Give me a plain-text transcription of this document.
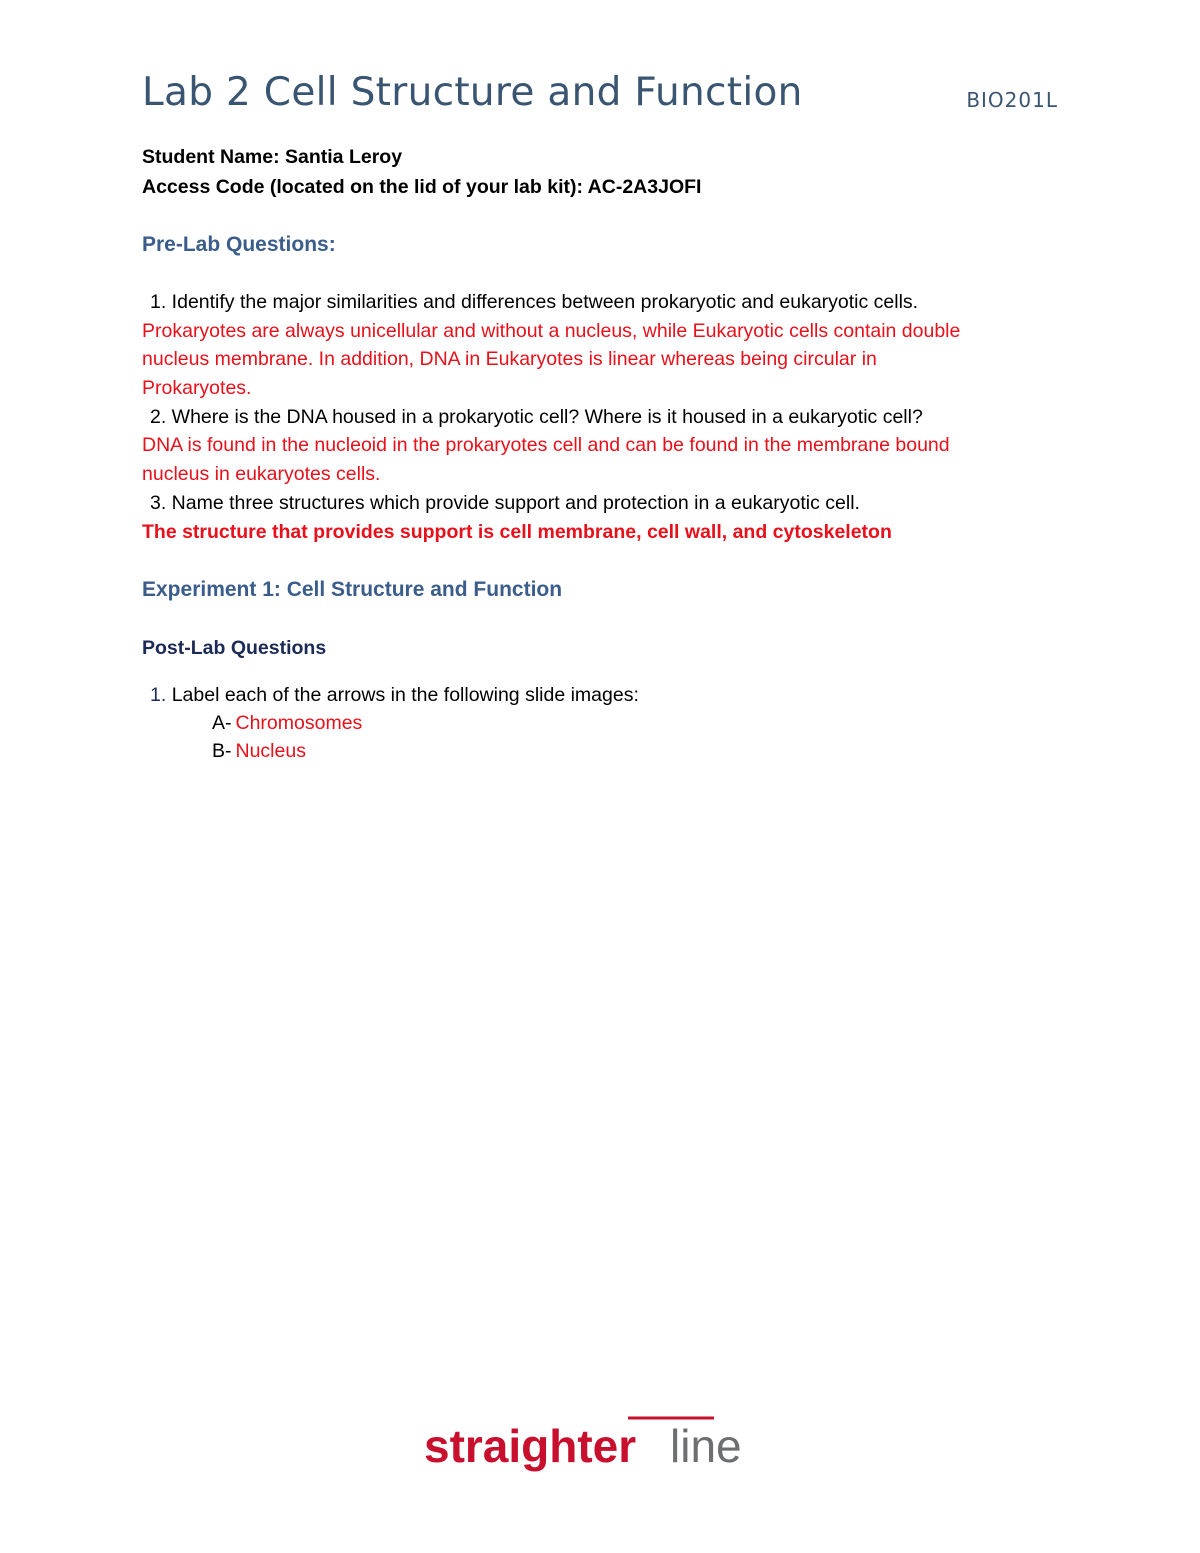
Lab 2 Cell Structure and Function	BIO201L
Student Name: Santia Leroy
Access Code (located on the lid of your lab kit): AC-2A3JOFI
Pre-Lab Questions:
1. Identify the major similarities and differences between prokaryotic and eukaryotic cells.
Prokaryotes are always unicellular and without a nucleus, while Eukaryotic cells contain double
nucleus membrane. In addition, DNA in Eukaryotes is linear whereas being circular in
Prokaryotes.
2. Where is the DNA housed in a prokaryotic cell? Where is it housed in a eukaryotic cell?
DNA is found in the nucleoid in the prokaryotes cell and can be found in the membrane bound
nucleus in eukaryotes cells.
3. Name three structures which provide support and protection in a eukaryotic cell.
The structure that provides support is cell membrane, cell wall, and cytoskeleton
Experiment 1: Cell Structure and Function
Post-Lab Questions
1. Label each of the arrows in the following slide images:
A- Chromosomes
B- Nucleus
straighter line
